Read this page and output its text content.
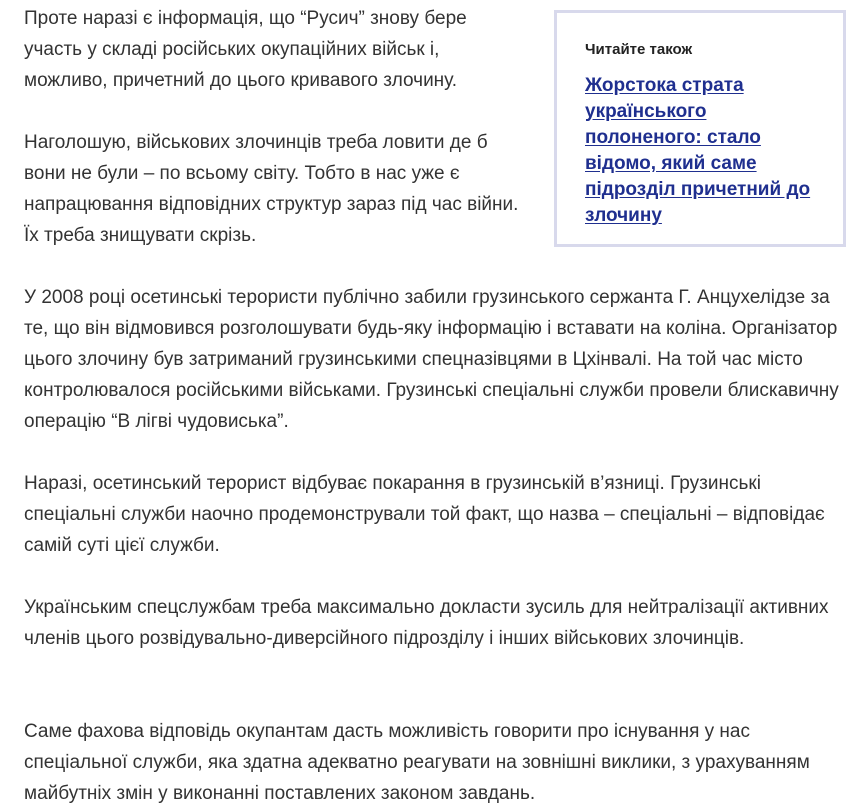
Проте наразі є інформація, що “Русич” знову бере участь у складі російських окупаційних військ і, можливо, причетний до цього кривавого злочину.

Наголошую, військових злочинців треба ловити де б вони не були – по всьому світу. Тобто в нас уже є напрацювання відповідних структур зараз під час війни. Їх треба знищувати скрізь.

У 2008 році осетинські терористи публічно забили грузинського сержанта Г. Анцухелідзе за те, що він відмовився розголошувати будь-яку інформацію і вставати на коліна. Організатор цього злочину був затриманий грузинськими спецназівцями в Цхінвалі. На той час місто контролювалося російськими військами. Грузинські спеціальні служби провели блискавичну операцію “В лігві чудовиська”.

Наразі, осетинський терорист відбуває покарання в грузинській в’язниці. Грузинські спеціальні служби наочно продемонстрували той факт, що назва – спеціальні – відповідає самій суті цієї служби.

Українським спецслужбам треба максимально докласти зусиль для нейтралізації активних членів цього розвідувально-диверсійного підрозділу і інших військових злочинців.

Саме фахова відповідь окупантам дасть можливість говорити про існування у нас спеціальної служби, яка здатна адекватно реагувати на зовнішні виклики, з урахуванням майбутніх змін у виконанні поставлених законом завдань.

Читайте також

Жорстока страта українського полоненого: стало відомо, який саме підрозділ причетний до злочину
